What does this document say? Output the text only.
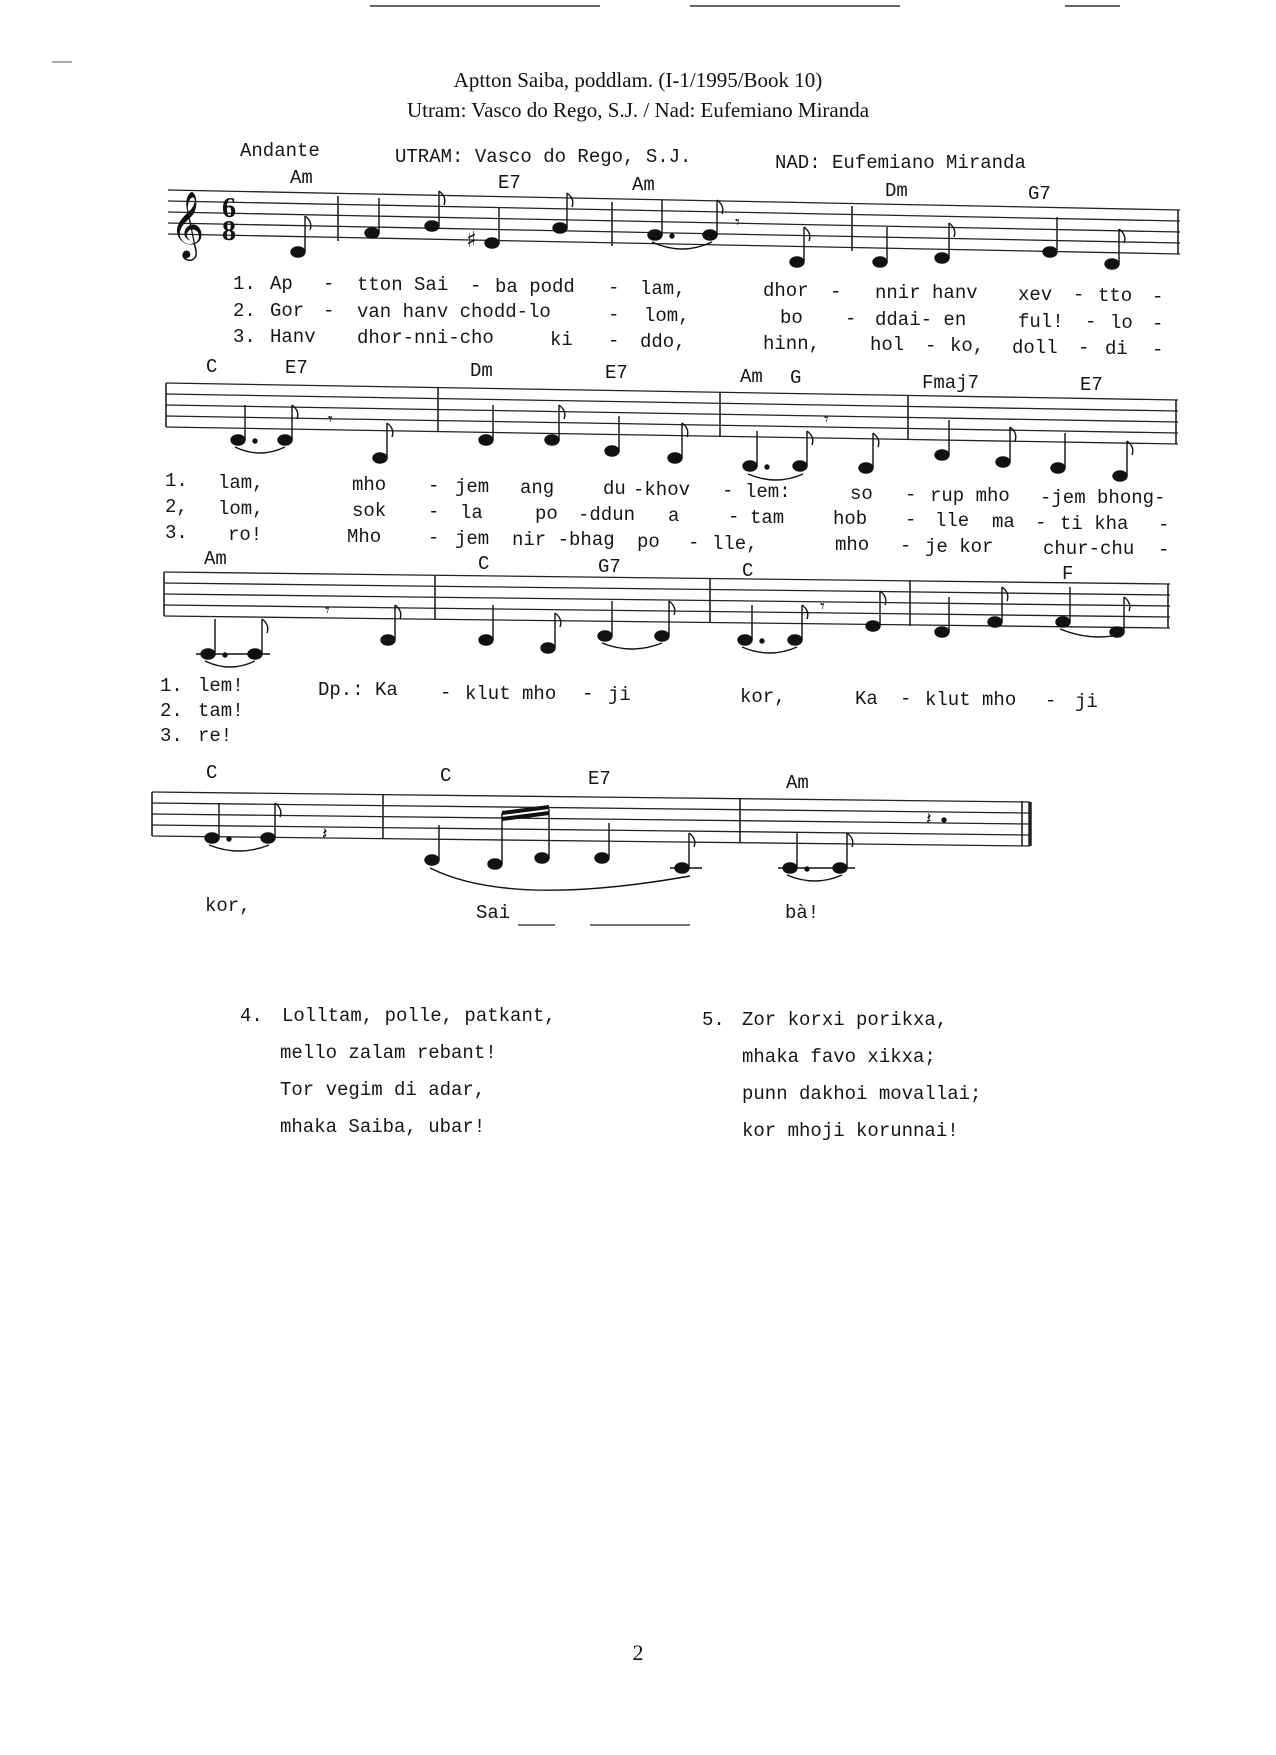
Aptton Saiba, poddlam. (I-1/1995/Book 10)
Utram: Vasco do Rego, S.J. / Nad: Eufemiano Miranda
Andante	UTRAM: Vasco do Rego, S.J.	NAD: Eufemiano Miranda
Am	E7	Am	Dm	G7
𝄞 6
8	♯
𝄾
1. Ap - tton Sai - ba podd - lam,	dhor - nnir hanv xev - tto -
2. Gor - van hanv chodd-lo	- lom,	bo - ddai- en	ful! - lo -
3. Hanv dhor-nni-cho	ki - ddo,	hinn,	hol - ko, doll - di -
C	E7	Dm	E7	Am G	Fmaj7	E7
𝄾	𝄾
1. lam,	mho - jem ang	du -khov - lem:	so - rup mho -jem bhong-
2, lom,	sok - la	po -ddun a	- tam	hob - lle ma - ti kha -
3. ro!	Mho - jem nir -bhag po - lle,	mho - je kor	chur-chu -
Am	C	G7	C	F
𝄾	𝄾
1. lem!	Dp.: Ka - klut mho - ji	kor,	Ka - klut mho - ji
2. tam!
3. re!
C	C	E7	Am
𝄽
𝄽
kor,	Sai	bà!
4. Lolltam, polle, patkant,
mello zalam rebant!
Tor vegim di adar,
mhaka Saiba, ubar!
5. Zor korxi porikxa,
mhaka favo xikxa;
punn dakhoi movallai;
kor mhoji korunnai!
2
